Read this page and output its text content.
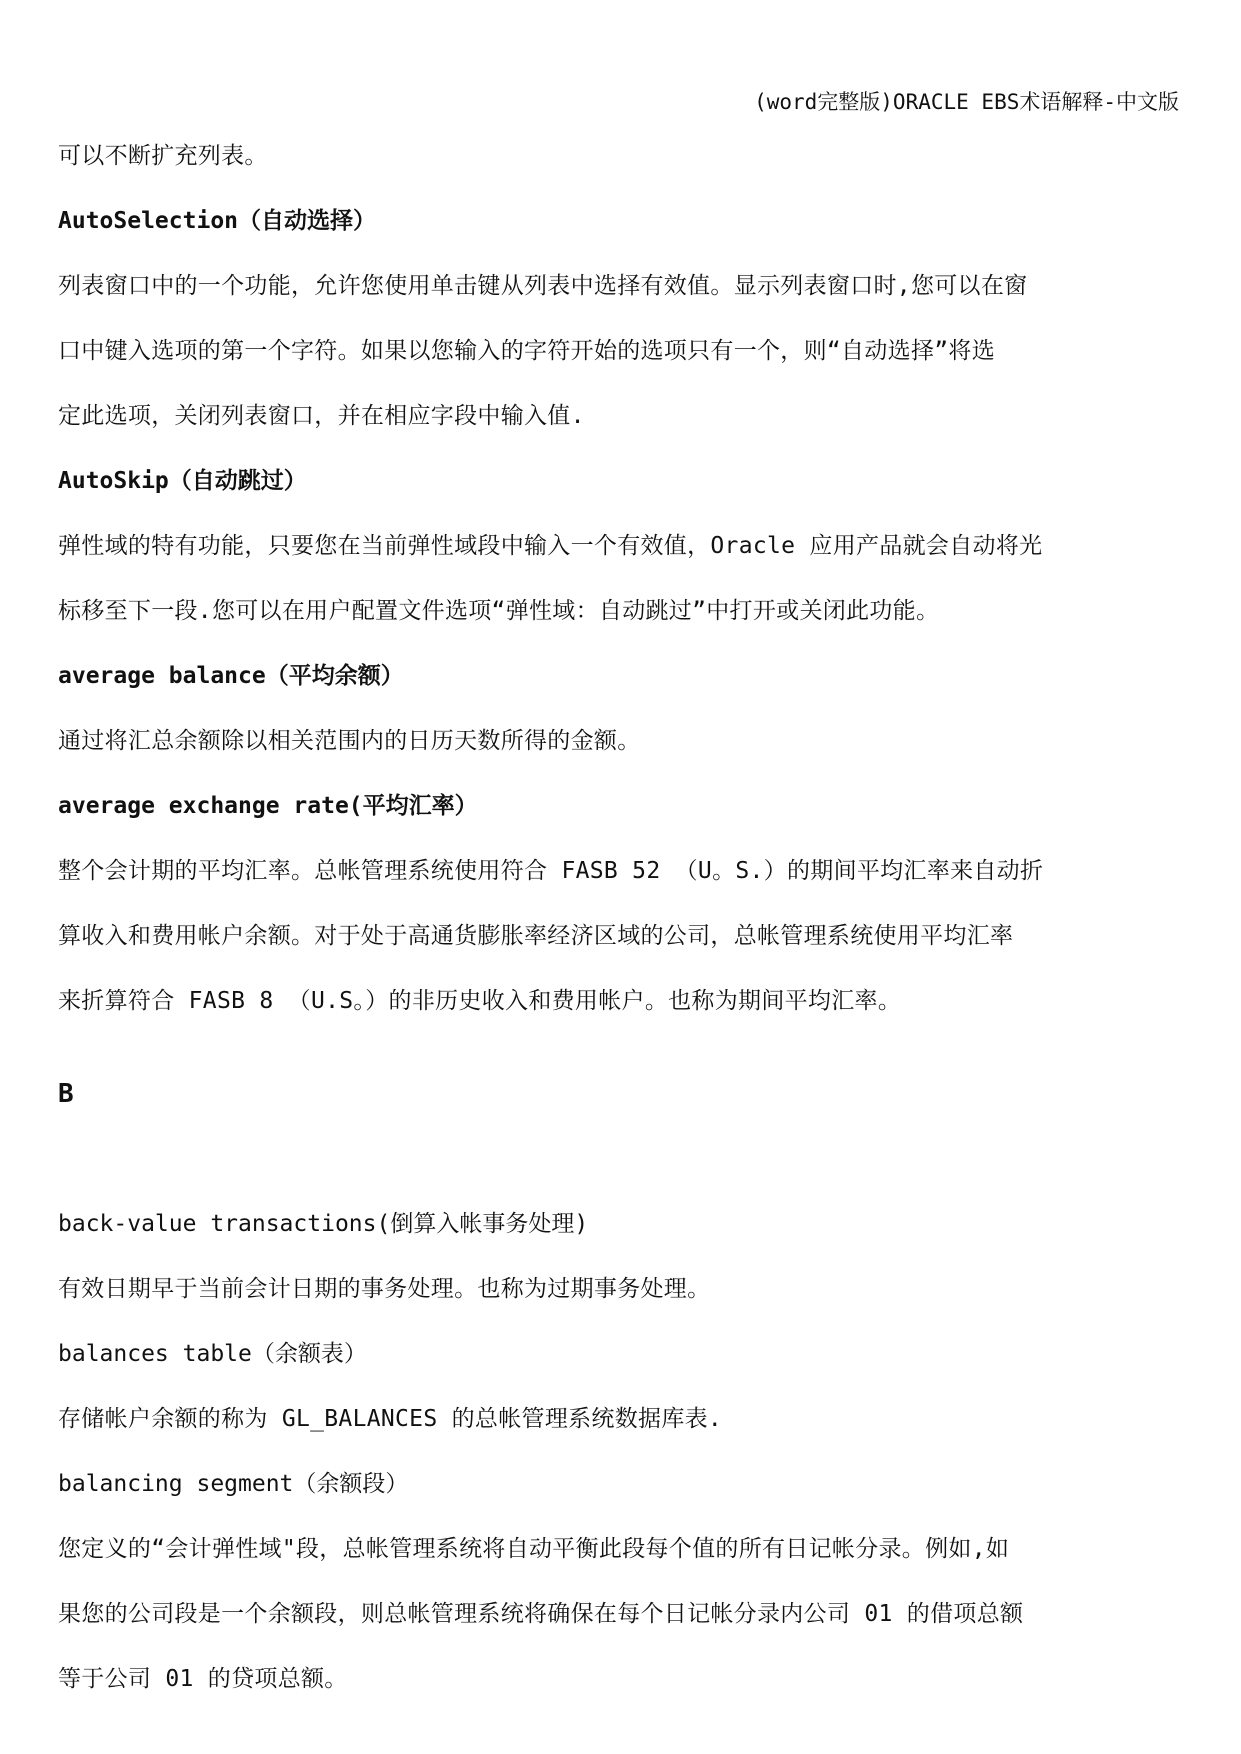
(word完整版)ORACLE EBS术语解释-中文版
可以不断扩充列表。
AutoSelection（自动选择）
列表窗口中的一个功能，允许您使用单击键从列表中选择有效值。显示列表窗口时,您可以在窗
口中键入选项的第一个字符。如果以您输入的字符开始的选项只有一个，则“自动选择”将选
定此选项，关闭列表窗口，并在相应字段中输入值.
AutoSkip（自动跳过）
弹性域的特有功能，只要您在当前弹性域段中输入一个有效值，Oracle 应用产品就会自动将光
标移至下一段.您可以在用户配置文件选项“弹性域：自动跳过”中打开或关闭此功能。
average balance（平均余额）
通过将汇总余额除以相关范围内的日历天数所得的金额。
average exchange rate(平均汇率）
整个会计期的平均汇率。总帐管理系统使用符合 FASB 52 （U。S.）的期间平均汇率来自动折
算收入和费用帐户余额。对于处于高通货膨胀率经济区域的公司，总帐管理系统使用平均汇率
来折算符合 FASB 8 （U.S。）的非历史收入和费用帐户。也称为期间平均汇率。
B
back-value transactions(倒算入帐事务处理)
有效日期早于当前会计日期的事务处理。也称为过期事务处理。
balances table（余额表）
存储帐户余额的称为 GL_BALANCES 的总帐管理系统数据库表.
balancing segment（余额段）
您定义的“会计弹性域"段，总帐管理系统将自动平衡此段每个值的所有日记帐分录。例如,如
果您的公司段是一个余额段，则总帐管理系统将确保在每个日记帐分录内公司 01 的借项总额
等于公司 01 的贷项总额。
